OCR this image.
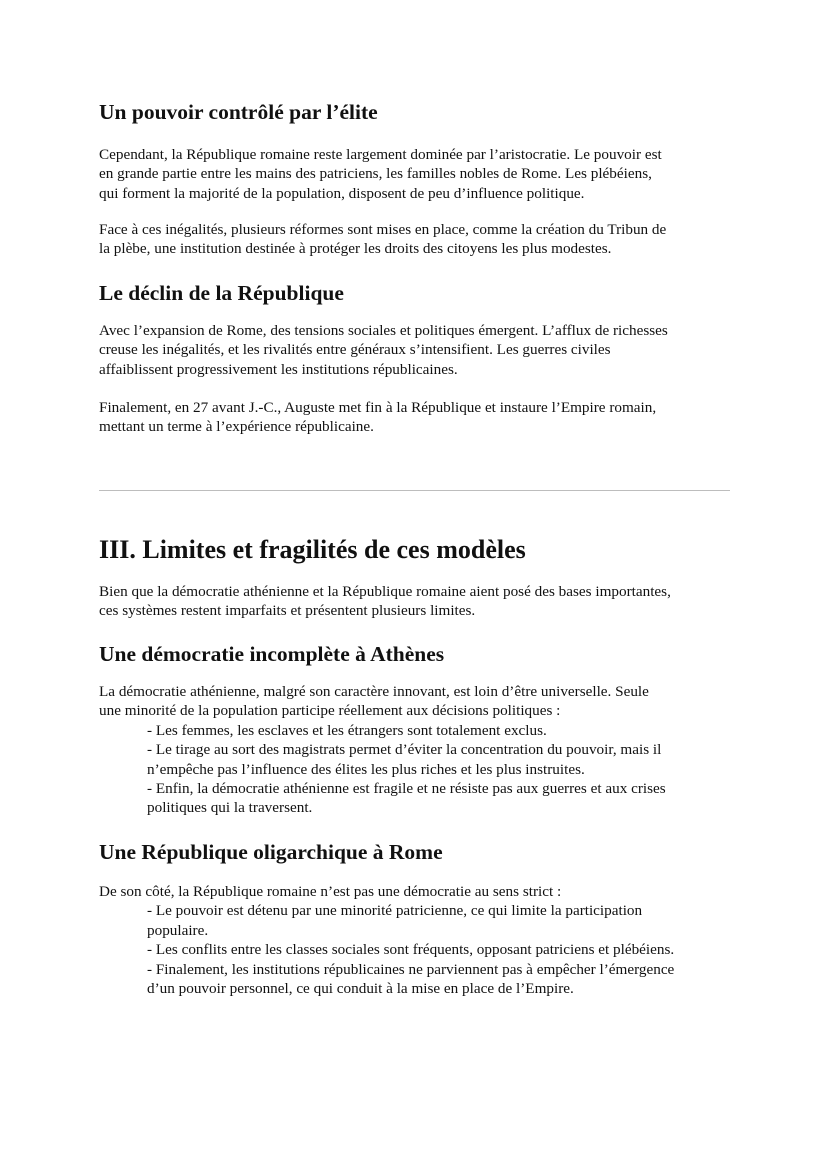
Un pouvoir contrôlé par l’élite
Cependant, la République romaine reste largement dominée par l’aristocratie. Le pouvoir est
en grande partie entre les mains des patriciens, les familles nobles de Rome. Les plébéiens,
qui forment la majorité de la population, disposent de peu d’influence politique.
Face à ces inégalités, plusieurs réformes sont mises en place, comme la création du Tribun de
la plèbe, une institution destinée à protéger les droits des citoyens les plus modestes.
Le déclin de la République
Avec l’expansion de Rome, des tensions sociales et politiques émergent. L’afflux de richesses
creuse les inégalités, et les rivalités entre généraux s’intensifient. Les guerres civiles
affaiblissent progressivement les institutions républicaines.
Finalement, en 27 avant J.-C., Auguste met fin à la République et instaure l’Empire romain,
mettant un terme à l’expérience républicaine.
III. Limites et fragilités de ces modèles
Bien que la démocratie athénienne et la République romaine aient posé des bases importantes,
ces systèmes restent imparfaits et présentent plusieurs limites.
Une démocratie incomplète à Athènes
La démocratie athénienne, malgré son caractère innovant, est loin d’être universelle. Seule
une minorité de la population participe réellement aux décisions politiques :
- Les femmes, les esclaves et les étrangers sont totalement exclus.
- Le tirage au sort des magistrats permet d’éviter la concentration du pouvoir, mais il
n’empêche pas l’influence des élites les plus riches et les plus instruites.
- Enfin, la démocratie athénienne est fragile et ne résiste pas aux guerres et aux crises
politiques qui la traversent.
Une République oligarchique à Rome
De son côté, la République romaine n’est pas une démocratie au sens strict :
- Le pouvoir est détenu par une minorité patricienne, ce qui limite la participation
populaire.
- Les conflits entre les classes sociales sont fréquents, opposant patriciens et plébéiens.
- Finalement, les institutions républicaines ne parviennent pas à empêcher l’émergence
d’un pouvoir personnel, ce qui conduit à la mise en place de l’Empire.
